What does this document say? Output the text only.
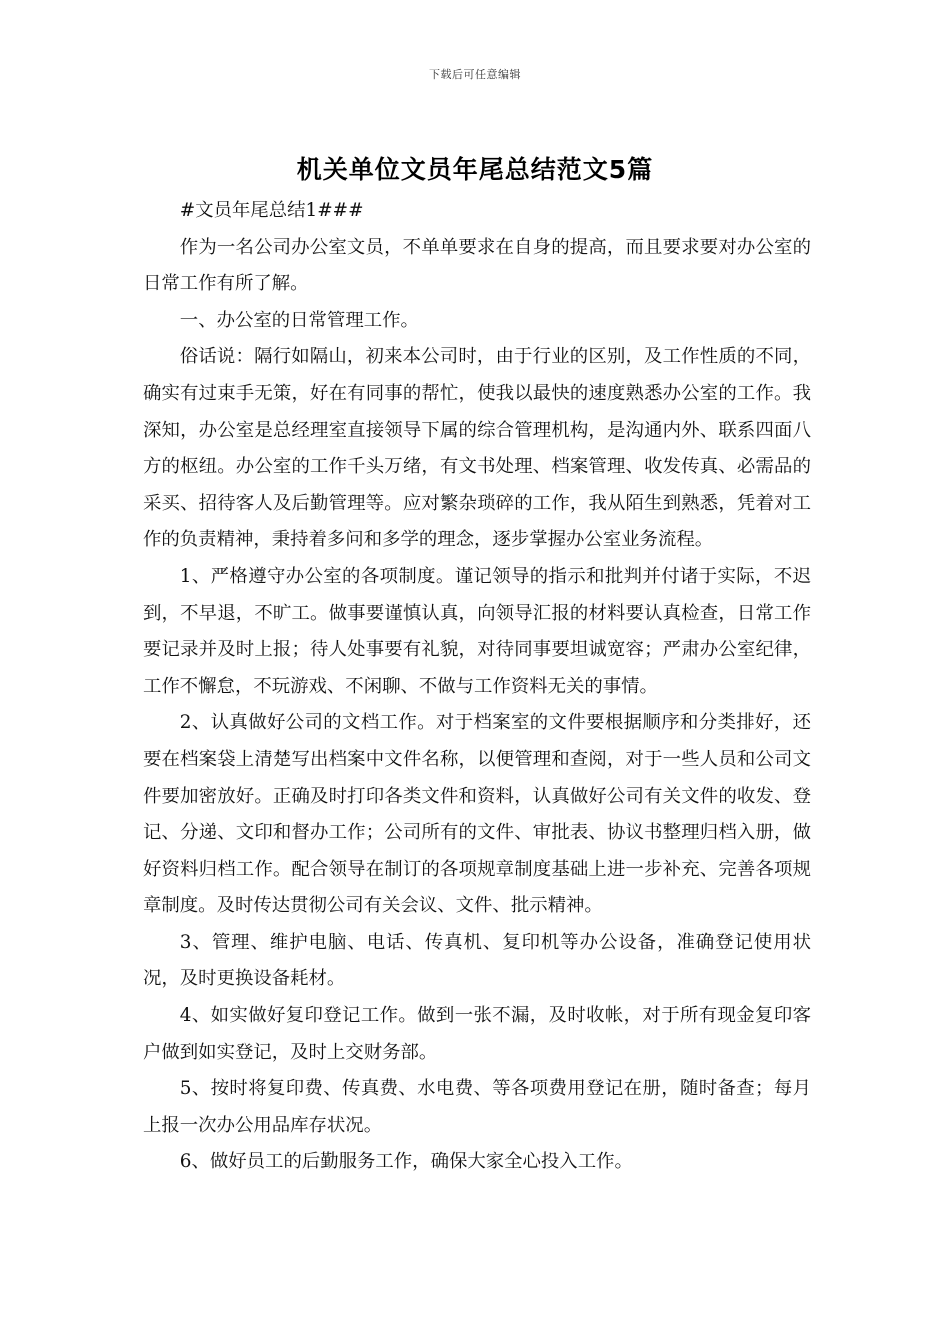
下载后可任意编辑
机关单位文员年尾总结范文5篇

#文员年尾总结1###

作为一名公司办公室文员，不单单要求在自身的提高，而且要求要对办公室的日常工作有所了解。

一、办公室的日常管理工作。

俗话说：隔行如隔山，初来本公司时，由于行业的区别，及工作性质的不同，确实有过束手无策，好在有同事的帮忙，使我以最快的速度熟悉办公室的工作。我深知，办公室是总经理室直接领导下属的综合管理机构，是沟通内外、联系四面八方的枢纽。办公室的工作千头万绪，有文书处理、档案管理、收发传真、必需品的采买、招待客人及后勤管理等。应对繁杂琐碎的工作，我从陌生到熟悉，凭着对工作的负责精神，秉持着多问和多学的理念，逐步掌握办公室业务流程。

1、严格遵守办公室的各项制度。谨记领导的指示和批判并付诸于实际，不迟到，不早退，不旷工。做事要谨慎认真，向领导汇报的材料要认真检查，日常工作要记录并及时上报；待人处事要有礼貌，对待同事要坦诚宽容；严肃办公室纪律，工作不懈怠，不玩游戏、不闲聊、不做与工作资料无关的事情。

2、认真做好公司的文档工作。对于档案室的文件要根据顺序和分类排好，还要在档案袋上清楚写出档案中文件名称，以便管理和查阅，对于一些人员和公司文件要加密放好。正确及时打印各类文件和资料，认真做好公司有关文件的收发、登记、分递、文印和督办工作；公司所有的文件、审批表、协议书整理归档入册，做好资料归档工作。配合领导在制订的各项规章制度基础上进一步补充、完善各项规章制度。及时传达贯彻公司有关会议、文件、批示精神。

3、管理、维护电脑、电话、传真机、复印机等办公设备，准确登记使用状况，及时更换设备耗材。

4、如实做好复印登记工作。做到一张不漏，及时收帐，对于所有现金复印客户做到如实登记，及时上交财务部。

5、按时将复印费、传真费、水电费、等各项费用登记在册，随时备查；每月上报一次办公用品库存状况。

6、做好员工的后勤服务工作，确保大家全心投入工作。
